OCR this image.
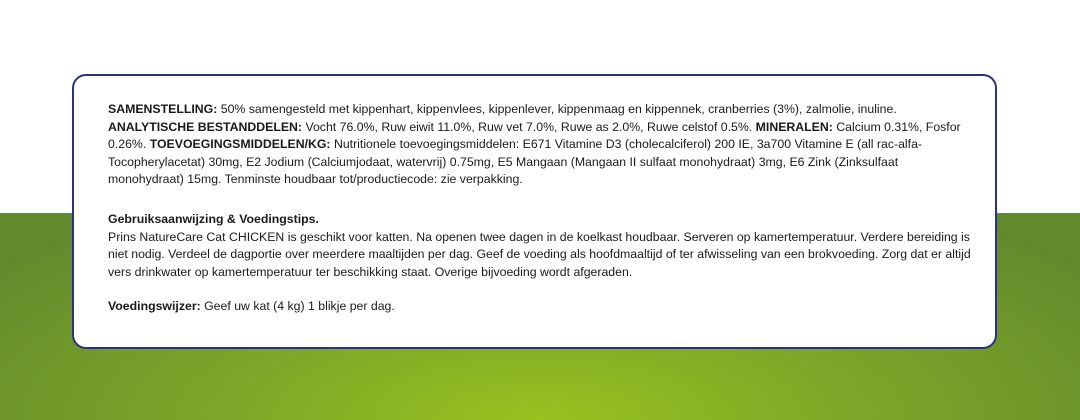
SAMENSTELLING: 50% samengesteld met kippenhart, kippenvlees, kippenlever, kippenmaag en kippennek, cranberries (3%), zalmolie, inuline.
ANALYTISCHE BESTANDDELEN: Vocht 76.0%, Ruw eiwit 11.0%, Ruw vet 7.0%, Ruwe as 2.0%, Ruwe celstof 0.5%. MINERALEN: Calcium 0.31%, Fosfor 0.26%. TOEVOEGINGSMIDDELEN/KG: Nutritionele toevoegingsmiddelen: E671 Vitamine D3 (cholecalciferol) 200 IE, 3a700 Vitamine E (all rac-alfa-Tocopherylacetat) 30mg, E2 Jodium (Calciumjodaat, watervrij) 0.75mg, E5 Mangaan (Mangaan II sulfaat monohydraat) 3mg, E6 Zink (Zinksulfaat monohydraat) 15mg. Tenminste houdbaar tot/productiecode: zie verpakking.

Gebruiksaanwijzing & Voedingstips.

Prins NatureCare Cat CHICKEN is geschikt voor katten. Na openen twee dagen in de koelkast houdbaar. Serveren op kamertemperatuur. Verdere bereiding is niet nodig. Verdeel de dagportie over meerdere maaltijden per dag. Geef de voeding als hoofdmaaltijd of ter afwisseling van een brokvoeding. Zorg dat er altijd vers drinkwater op kamertemperatuur ter beschikking staat. Overige bijvoeding wordt afgeraden.

Voedingswijzer: Geef uw kat (4 kg) 1 blikje per dag.
